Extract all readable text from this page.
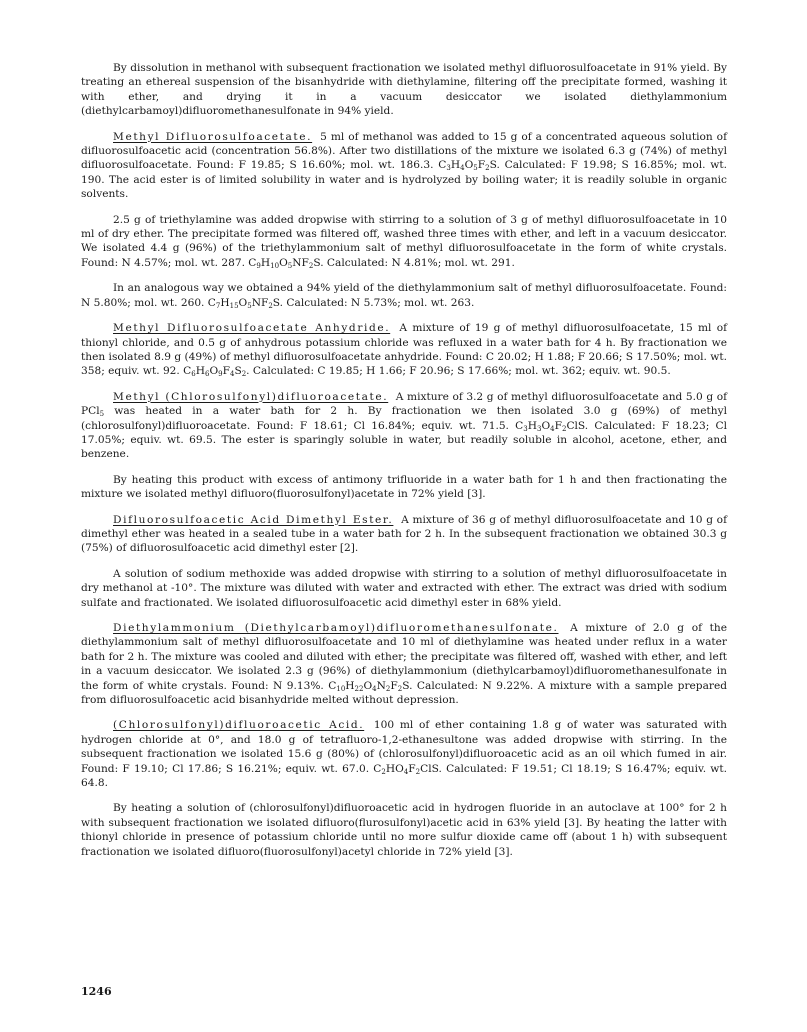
By dissolution in methanol with subsequent fractionation we isolated methyl difluorosulfoacetate in 91% yield. By treating an ethereal suspension of the bisanhydride with diethylamine, filtering off the precipitate formed, washing it with ether, and drying it in a vacuum desiccator we isolated diethylammonium (diethylcarbamoyl)difluoromethanesulfonate in 94% yield.

Methyl Difluorosulfoacetate. 5 ml of methanol was added to 15 g of a concentrated aqueous solution of difluorosulfoacetic acid (concentration 56.8%). After two distillations of the mixture we isolated 6.3 g (74%) of methyl difluorosulfoacetate. Found: F 19.85; S 16.60%; mol. wt. 186.3. $C_3H_4O_5F_2S$. Calculated: F 19.98; S 16.85%; mol. wt. 190. The acid ester is of limited solubility in water and is hydrolyzed by boiling water; it is readily soluble in organic solvents.

2.5 g of triethylamine was added dropwise with stirring to a solution of 3 g of methyl difluorosulfoacetate in 10 ml of dry ether. The precipitate formed was filtered off, washed three times with ether, and left in a vacuum desiccator. We isolated 4.4 g (96%) of the triethylammonium salt of methyl difluorosulfoacetate in the form of white crystals. Found: N 4.57%; mol. wt. 287. $C_9H_{10}O_5NF_2S$. Calculated: N 4.81%; mol. wt. 291.

In an analogous way we obtained a 94% yield of the diethylammonium salt of methyl difluorosulfoacetate. Found: N 5.80%; mol. wt. 260. $C_7H_{15}O_5NF_2S$. Calculated: N 5.73%; mol. wt. 263.

Methyl Difluorosulfoacetate Anhydride. A mixture of 19 g of methyl difluorosulfoacetate, 15 ml of thionyl chloride, and 0.5 g of anhydrous potassium chloride was refluxed in a water bath for 4 h. By fractionation we then isolated 8.9 g (49%) of methyl difluorosulfoacetate anhydride. Found: C 20.02; H 1.88; F 20.66; S 17.50%; mol. wt. 358; equiv. wt. 92. $C_6H_6O_9F_4S_2$. Calculated: C 19.85; H 1.66; F 20.96; S 17.66%; mol. wt. 362; equiv. wt. 90.5.

Methyl (Chlorosulfonyl)difluoroacetate. A mixture of 3.2 g of methyl difluorosulfoacetate and 5.0 g of PCl$_5$ was heated in a water bath for 2 h. By fractionation we then isolated 3.0 g (69%) of methyl (chlorosulfonyl)difluoroacetate. Found: F 18.61; Cl 16.84%; equiv. wt. 71.5. $C_3H_3O_4F_2ClS$. Calculated: F 18.23; Cl 17.05%; equiv. wt. 69.5. The ester is sparingly soluble in water, but readily soluble in alcohol, acetone, ether, and benzene.

By heating this product with excess of antimony trifluoride in a water bath for 1 h and then fractionating the mixture we isolated methyl difluoro(fluorosulfonyl)acetate in 72% yield [3].

Difluorosulfoacetic Acid Dimethyl Ester. A mixture of 36 g of methyl difluorosulfoacetate and 10 g of dimethyl ether was heated in a sealed tube in a water bath for 2 h. In the subsequent fractionation we obtained 30.3 g (75%) of difluorosulfoacetic acid dimethyl ester [2].

A solution of sodium methoxide was added dropwise with stirring to a solution of methyl difluorosulfoacetate in dry methanol at -10°. The mixture was diluted with water and extracted with ether. The extract was dried with sodium sulfate and fractionated. We isolated difluorosulfoacetic acid dimethyl ester in 68% yield.

Diethylammonium (Diethylcarbamoyl)difluoromethanesulfonate. A mixture of 2.0 g of the diethylammonium salt of methyl difluorosulfoacetate and 10 ml of diethylamine was heated under reflux in a water bath for 2 h. The mixture was cooled and diluted with ether; the precipitate was filtered off, washed with ether, and left in a vacuum desiccator. We isolated 2.3 g (96%) of diethylammonium (diethylcarbamoyl)difluoromethanesulfonate in the form of white crystals. Found: N 9.13%. $C_{10}H_{22}O_4N_2F_2S$. Calculated: N 9.22%. A mixture with a sample prepared from difluorosulfoacetic acid bisanhydride melted without depression.

(Chlorosulfonyl)difluoroacetic Acid. 100 ml of ether containing 1.8 g of water was saturated with hydrogen chloride at 0°, and 18.0 g of tetrafluoro-1,2-ethanesultone was added dropwise with stirring. In the subsequent fractionation we isolated 15.6 g (80%) of (chlorosulfonyl)difluoroacetic acid as an oil which fumed in air. Found: F 19.10; Cl 17.86; S 16.21%; equiv. wt. 67.0. $C_2HO_4F_2ClS$. Calculated: F 19.51; Cl 18.19; S 16.47%; equiv. wt. 64.8.

By heating a solution of (chlorosulfonyl)difluoroacetic acid in hydrogen fluoride in an autoclave at 100° for 2 h with subsequent fractionation we isolated difluoro(flurosulfonyl)acetic acid in 63% yield [3]. By heating the latter with thionyl chloride in presence of potassium chloride until no more sulfur dioxide came off (about 1 h) with subsequent fractionation we isolated difluoro(fluorosulfonyl)acetyl chloride in 72% yield [3].

1246
